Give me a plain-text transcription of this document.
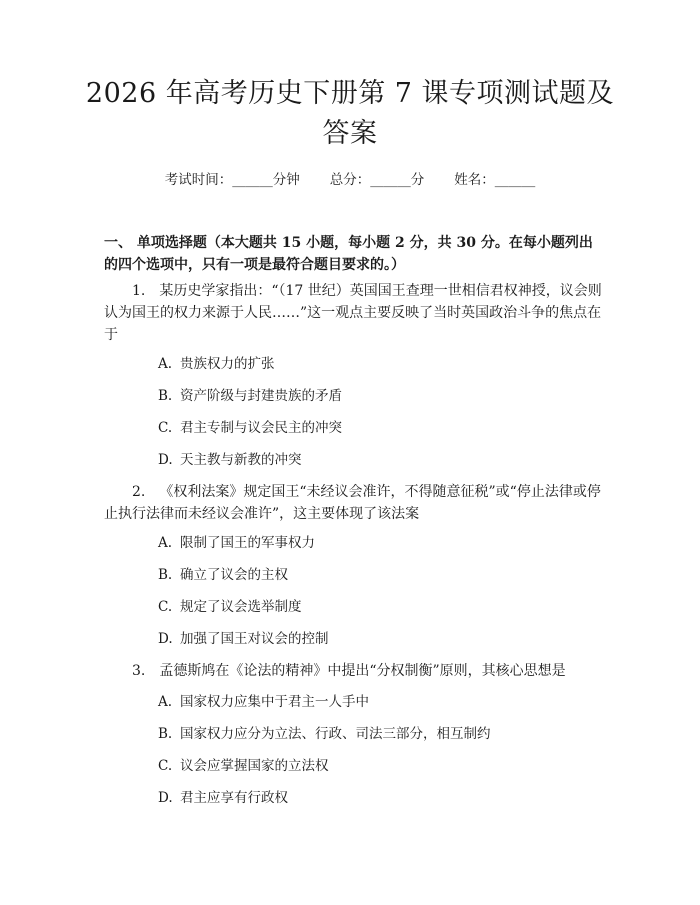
2026 年高考历史下册第 7 课专项测试题及答案
考试时间：______分钟 总分：______分 姓名：______
一、 单项选择题（本大题共 15 小题，每小题 2 分，共 30 分。在每小题列出的四个选项中，只有一项是最符合题目要求的。）
1. 某历史学家指出：“（17 世纪）英国国王查理一世相信君权神授，议会则认为国王的权力来源于人民……”这一观点主要反映了当时英国政治斗争的焦点在于
A. 贵族权力的扩张
B. 资产阶级与封建贵族的矛盾
C. 君主专制与议会民主的冲突
D. 天主教与新教的冲突
2. 《权利法案》规定国王“未经议会准许，不得随意征税”或“停止法律或停止执行法律而未经议会准许”，这主要体现了该法案
A. 限制了国王的军事权力
B. 确立了议会的主权
C. 规定了议会选举制度
D. 加强了国王对议会的控制
3. 孟德斯鸠在《论法的精神》中提出“分权制衡”原则，其核心思想是
A. 国家权力应集中于君主一人手中
B. 国家权力应分为立法、行政、司法三部分，相互制约
C. 议会应掌握国家的立法权
D. 君主应享有行政权
